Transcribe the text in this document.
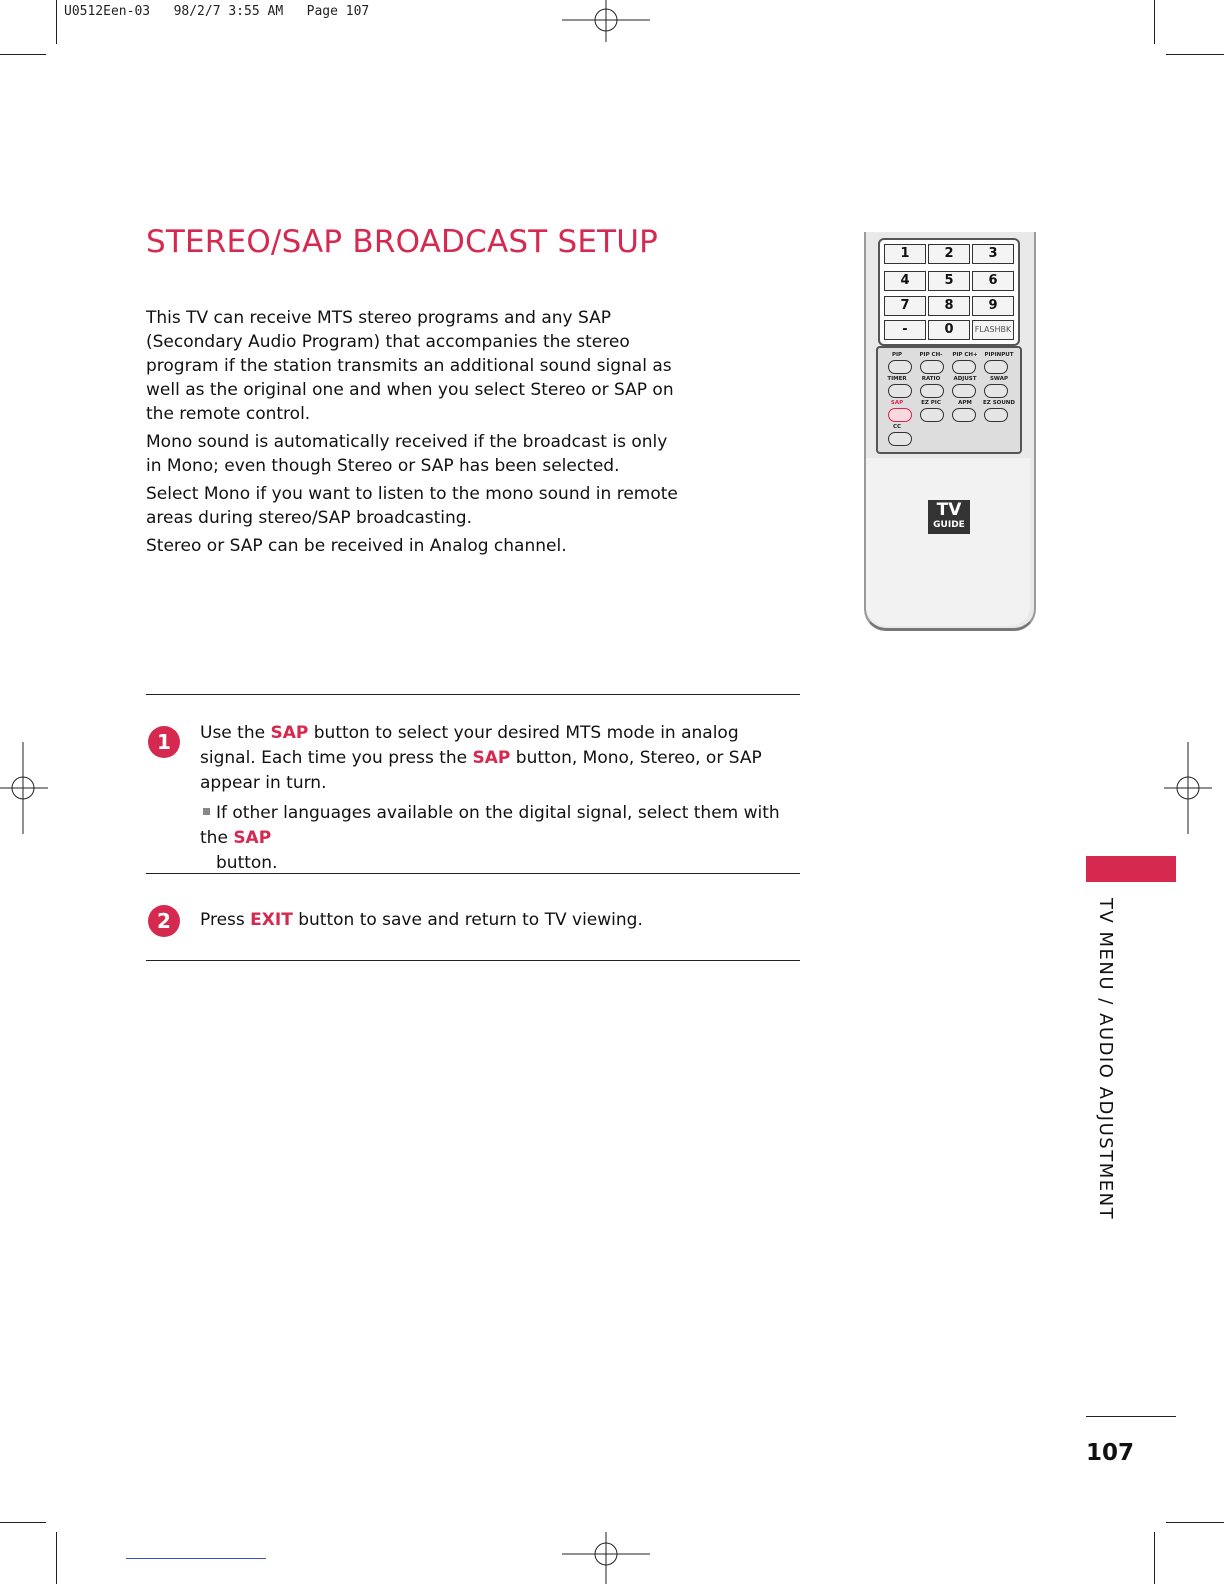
U0512Een-03   98/2/7 3:55 AM   Page 107
STEREO/SAP BROADCAST SETUP

This TV can receive MTS stereo programs and any SAP (Secondary Audio Program) that accompanies the stereo program if the station transmits an additional sound signal as well as the original one and when you select Stereo or SAP on the remote control.

Mono sound is automatically received if the broadcast is only in Mono; even though Stereo or SAP has been selected.

Select Mono if you want to listen to the mono sound in remote areas during stereo/SAP broadcasting.

Stereo or SAP can be received in Analog channel.

1	2	3
4	5	6
7	8	9
-	0	FLASHBK
PIP	PIP CH-	PIP CH+	PIPINPUT
TIMER	RATIO	ADJUST	SWAP
SAP	EZ PIC	APM	EZ SOUND
CC
TV
GUIDE
1	Use the SAP button to select your desired MTS mode in analog signal. Each time you press the SAP button, Mono, Stereo, or SAP appear in turn.
If other languages available on the digital signal, select them with the SAP
button.
2	Press EXIT button to save and return to TV viewing.	TV MENU / AUDIO ADJUSTMENT
107
